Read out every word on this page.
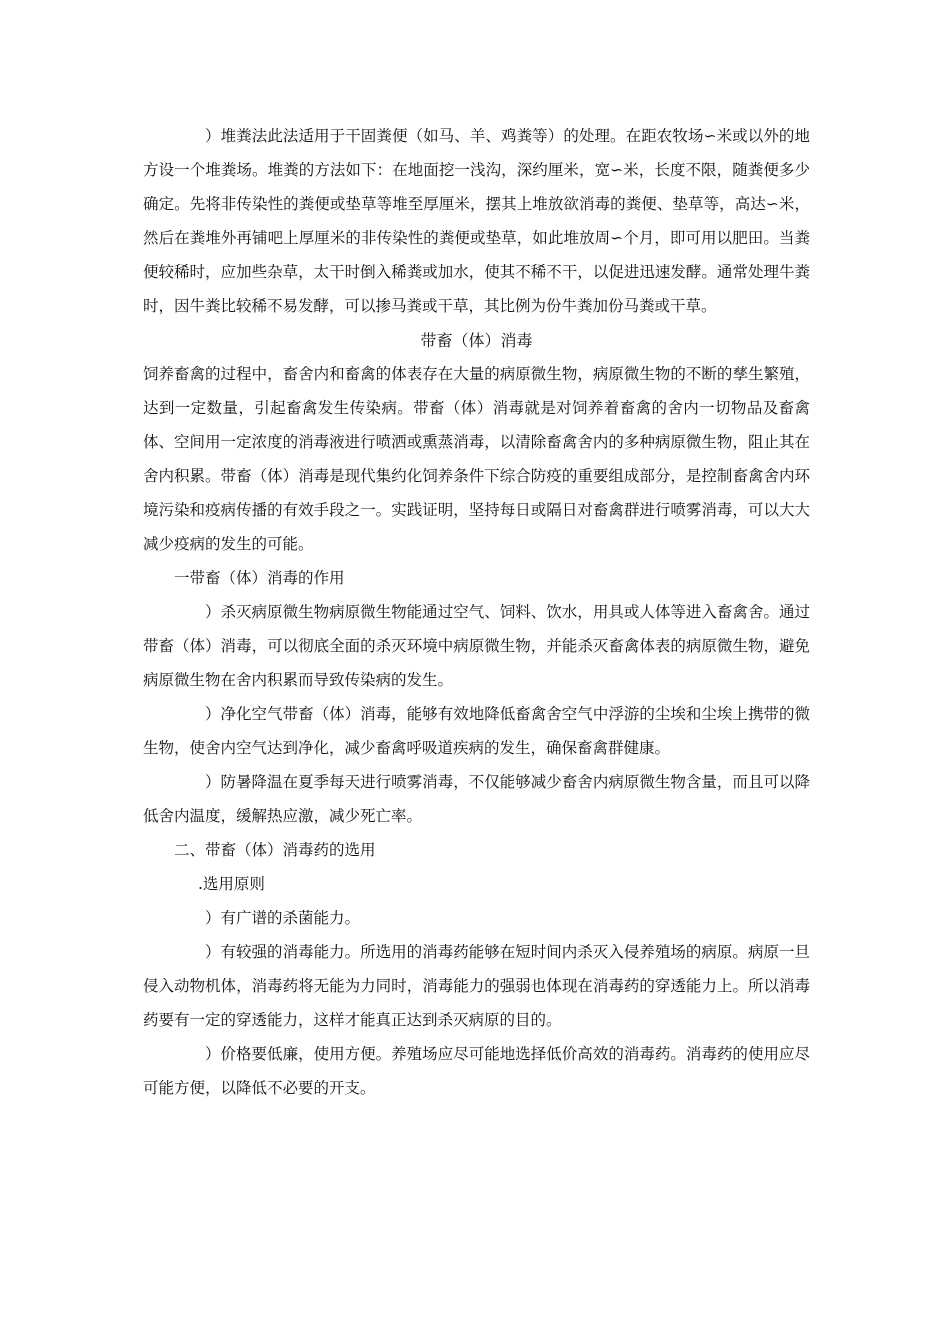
）堆粪法此法适用于干固粪便（如马、羊、鸡粪等）的处理。在距农牧场∽米或以外的地方设一个堆粪场。堆粪的方法如下：在地面挖一浅沟，深约厘米，宽∽米，长度不限，随粪便多少确定。先将非传染性的粪便或垫草等堆至厚厘米，摆其上堆放欲消毒的粪便、垫草等，高达∽米，然后在粪堆外再铺吧上厚厘米的非传染性的粪便或垫草，如此堆放周∽个月，即可用以肥田。当粪便较稀时，应加些杂草，太干时倒入稀粪或加水，使其不稀不干，以促进迅速发酵。通常处理牛粪时，因牛粪比较稀不易发酵，可以掺马粪或干草，其比例为份牛粪加份马粪或干草。

带畜（体）消毒

饲养畜禽的过程中，畜舍内和畜禽的体表存在大量的病原微生物，病原微生物的不断的孳生繁殖，达到一定数量，引起畜禽发生传染病。带畜（体）消毒就是对饲养着畜禽的舍内一切物品及畜禽体、空间用一定浓度的消毒液进行喷洒或熏蒸消毒，以清除畜禽舍内的多种病原微生物，阻止其在舍内积累。带畜（体）消毒是现代集约化饲养条件下综合防疫的重要组成部分，是控制畜禽舍内环境污染和疫病传播的有效手段之一。实践证明，坚持每日或隔日对畜禽群进行喷雾消毒，可以大大减少疫病的发生的可能。

一带畜（体）消毒的作用

）杀灭病原微生物病原微生物能通过空气、饲料、饮水，用具或人体等进入畜禽舍。通过带畜（体）消毒，可以彻底全面的杀灭环境中病原微生物，并能杀灭畜禽体表的病原微生物，避免病原微生物在舍内积累而导致传染病的发生。

）净化空气带畜（体）消毒，能够有效地降低畜禽舍空气中浮游的尘埃和尘埃上携带的微生物，使舍内空气达到净化，减少畜禽呼吸道疾病的发生，确保畜禽群健康。

）防暑降温在夏季每天进行喷雾消毒，不仅能够减少畜舍内病原微生物含量，而且可以降低舍内温度，缓解热应激，减少死亡率。

二、带畜（体）消毒药的选用

.选用原则

）有广谱的杀菌能力。

）有较强的消毒能力。所选用的消毒药能够在短时间内杀灭入侵养殖场的病原。病原一旦侵入动物机体，消毒药将无能为力同时，消毒能力的强弱也体现在消毒药的穿透能力上。所以消毒药要有一定的穿透能力，这样才能真正达到杀灭病原的目的。

）价格要低廉，使用方便。养殖场应尽可能地选择低价高效的消毒药。消毒药的使用应尽可能方便，以降低不必要的开支。
